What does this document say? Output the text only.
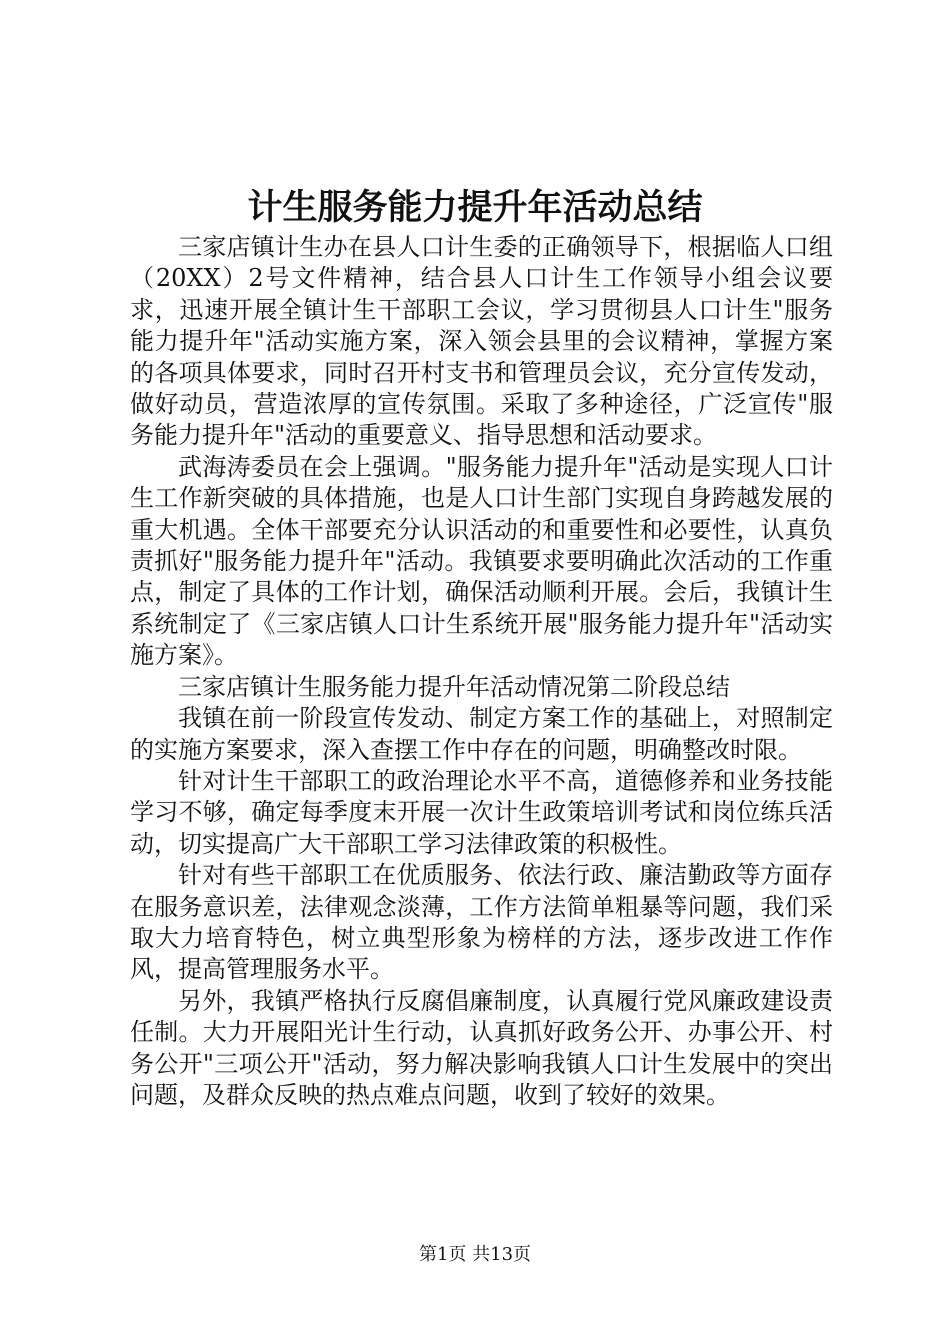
计生服务能力提升年活动总结

三家店镇计生办在县人口计生委的正确领导下，根据临人口组（20XX）2号文件精神，结合县人口计生工作领导小组会议要求，迅速开展全镇计生干部职工会议，学习贯彻县人口计生"服务能力提升年"活动实施方案，深入领会县里的会议精神，掌握方案的各项具体要求，同时召开村支书和管理员会议，充分宣传发动，做好动员，营造浓厚的宣传氛围。采取了多种途径，广泛宣传"服务能力提升年"活动的重要意义、指导思想和活动要求。

武海涛委员在会上强调。"服务能力提升年"活动是实现人口计生工作新突破的具体措施，也是人口计生部门实现自身跨越发展的重大机遇。全体干部要充分认识活动的和重要性和必要性，认真负责抓好"服务能力提升年"活动。我镇要求要明确此次活动的工作重点，制定了具体的工作计划，确保活动顺利开展。会后，我镇计生系统制定了《三家店镇人口计生系统开展"服务能力提升年"活动实施方案》。

三家店镇计生服务能力提升年活动情况第二阶段总结

我镇在前一阶段宣传发动、制定方案工作的基础上，对照制定的实施方案要求，深入查摆工作中存在的问题，明确整改时限。

针对计生干部职工的政治理论水平不高，道德修养和业务技能学习不够，确定每季度末开展一次计生政策培训考试和岗位练兵活动，切实提高广大干部职工学习法律政策的积极性。

针对有些干部职工在优质服务、依法行政、廉洁勤政等方面存在服务意识差，法律观念淡薄，工作方法简单粗暴等问题，我们采取大力培育特色，树立典型形象为榜样的方法，逐步改进工作作风，提高管理服务水平。

另外，我镇严格执行反腐倡廉制度，认真履行党风廉政建设责任制。大力开展阳光计生行动，认真抓好政务公开、办事公开、村务公开"三项公开"活动，努力解决影响我镇人口计生发展中的突出问题，及群众反映的热点难点问题，收到了较好的效果。

第1页 共13页
